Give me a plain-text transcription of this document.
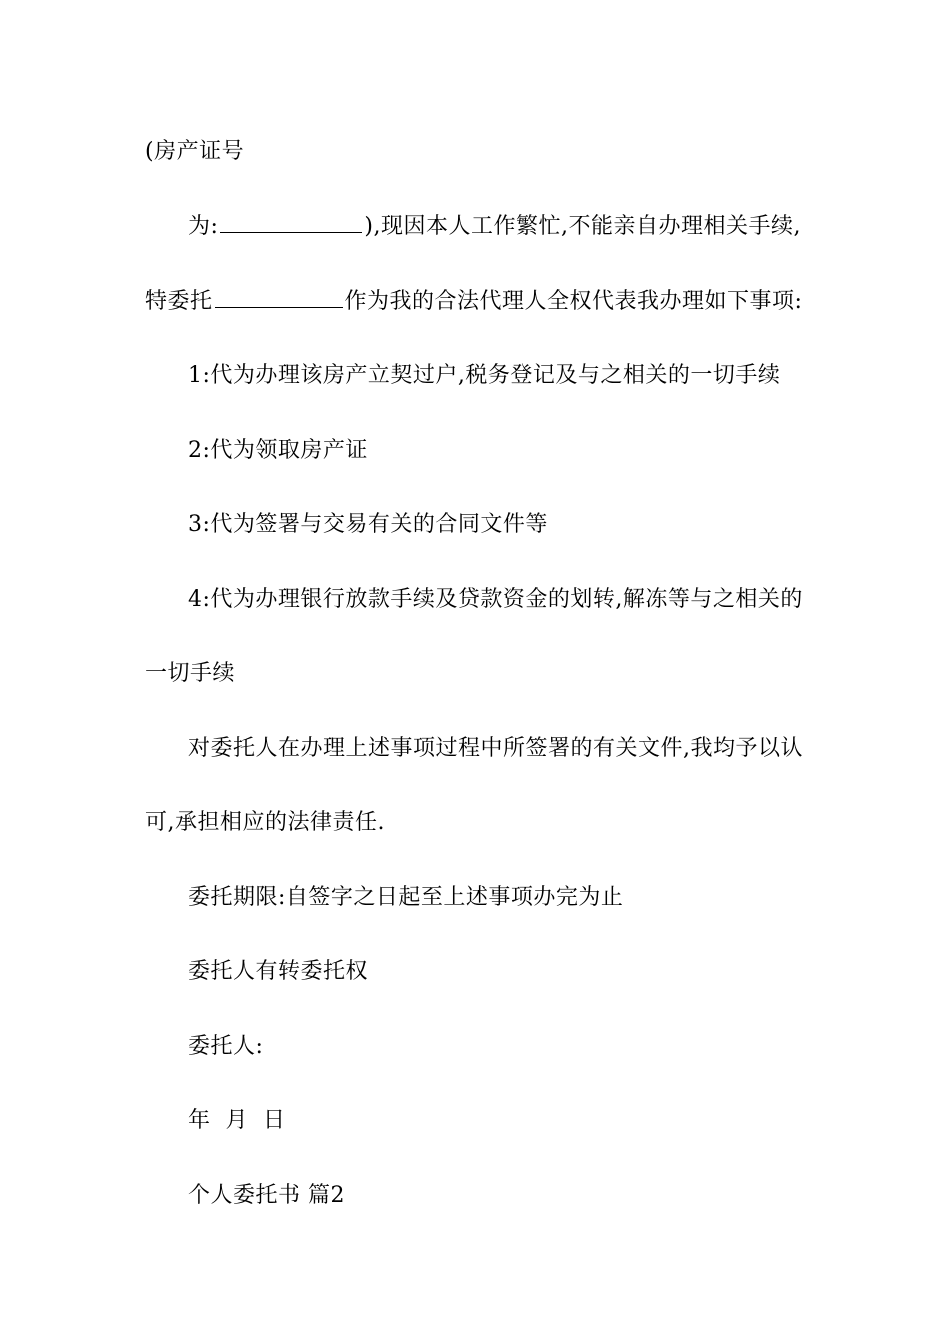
(房产证号
为:	),现因本人工作繁忙,不能亲自办理相关手续,
特委托	作为我的合法代理人全权代表我办理如下事项:
1:代为办理该房产立契过户,税务登记及与之相关的一切手续
2:代为领取房产证
3:代为签署与交易有关的合同文件等
4:代为办理银行放款手续及贷款资金的划转,解冻等与之相关的
一切手续
对委托人在办理上述事项过程中所签署的有关文件,我均予以认
可,承担相应的法律责任.
委托期限:自签字之日起至上述事项办完为止
委托人有转委托权
委托人:
年  月  日
个人委托书 篇2
